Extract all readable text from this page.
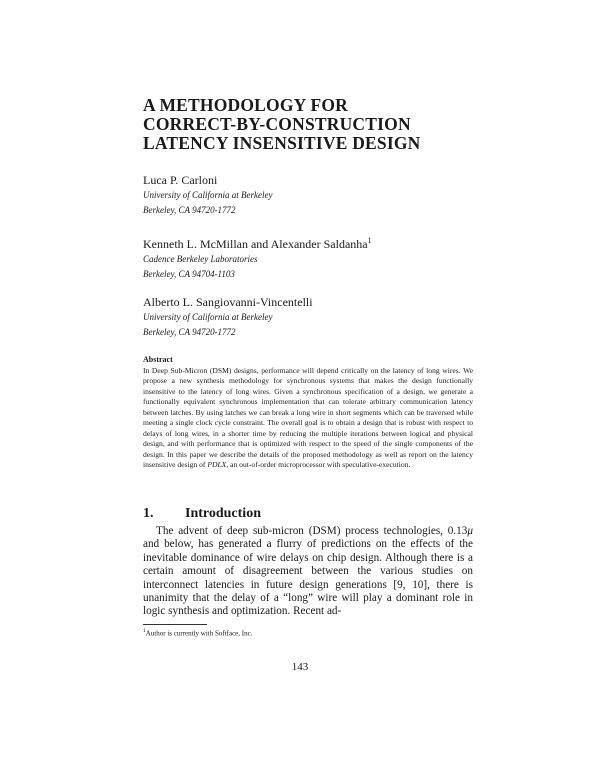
A METHODOLOGY FOR
CORRECT-BY-CONSTRUCTION
LATENCY INSENSITIVE DESIGN
Luca P. Carloni
University of California at Berkeley
Berkeley, CA 94720-1772
Kenneth L. McMillan and Alexander Saldanha$^1$
Cadence Berkeley Laboratories
Berkeley, CA 94704-1103
Alberto L. Sangiovanni-Vincentelli
University of California at Berkeley
Berkeley, CA 94720-1772
Abstract
In Deep Sub-Micron (DSM) designs, performance will depend critically on the latency of long wires. We propose a new synthesis methodology for synchronous systems that makes the design functionally insensitive to the latency of long wires. Given a synchronous specification of a design, we generate a functionally equivalent synchronous implementation that can tolerate arbitrary communication latency between latches. By using latches we can break a long wire in short segments which can be traversed while meeting a single clock cycle constraint. The overall goal is to obtain a design that is robust with respect to delays of long wires, in a shorter time by reducing the multiple iterations between logical and physical design, and with performance that is optimized with respect to the speed of the single components of the design. In this paper we describe the details of the proposed methodology as well as report on the latency insensitive design of PDLX, an out-of-order microprocessor with speculative-execution.
1. Introduction
The advent of deep sub-micron (DSM) process technologies, 0.13μ and below, has generated a flurry of predictions on the effects of the inevitable dominance of wire delays on chip design. Although there is a certain amount of disagreement between the various studies on interconnect latencies in future design generations [9, 10], there is unanimity that the delay of a “long” wire will play a dominant role in logic synthesis and optimization. Recent ad-
$^1$Author is currently with Softface, Inc.
143
